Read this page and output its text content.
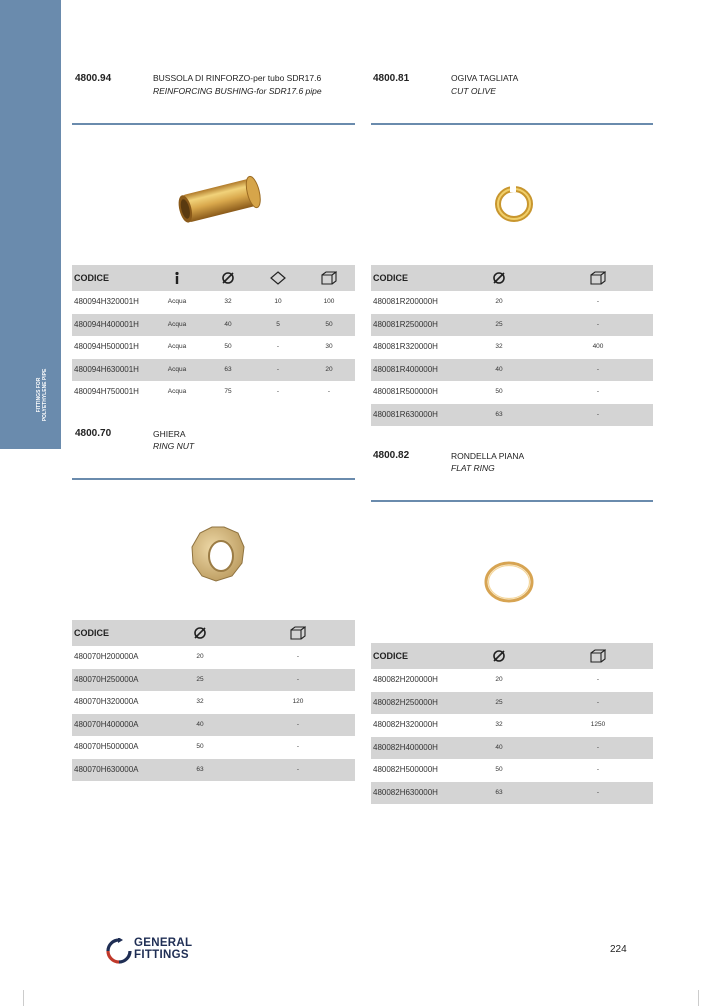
FITTINGS FOR POLYETHYLENE PIPE
4800.94	BUSSOLA DI RINFORZO-per tubo SDR17.6
REINFORCING BUSHING-for SDR17.6 pipe
CODICE
480094H320001H	Acqua	32	10	100
480094H400001H	Acqua	40	5	50
480094H500001H	Acqua	50	-	30
480094H630001H	Acqua	63	-	20
480094H750001H	Acqua	75	-	-
4800.81	OGIVA TAGLIATA
CUT OLIVE
CODICE
480081R200000H	20	-
480081R250000H	25	-
480081R320000H	32	400
480081R400000H	40	-
480081R500000H	50	-
480081R630000H	63	-
4800.70	GHIERA
RING NUT
CODICE
480070H200000A	20	-
480070H250000A	25	-
480070H320000A	32	120
480070H400000A	40	-
480070H500000A	50	-
480070H630000A	63	-
4800.82	RONDELLA PIANA
FLAT RING
CODICE
480082H200000H	20	-
480082H250000H	25	-
480082H320000H	32	1250
480082H400000H	40	-
480082H500000H	50	-
480082H630000H	63	-
GENERAL
FITTINGS	224
